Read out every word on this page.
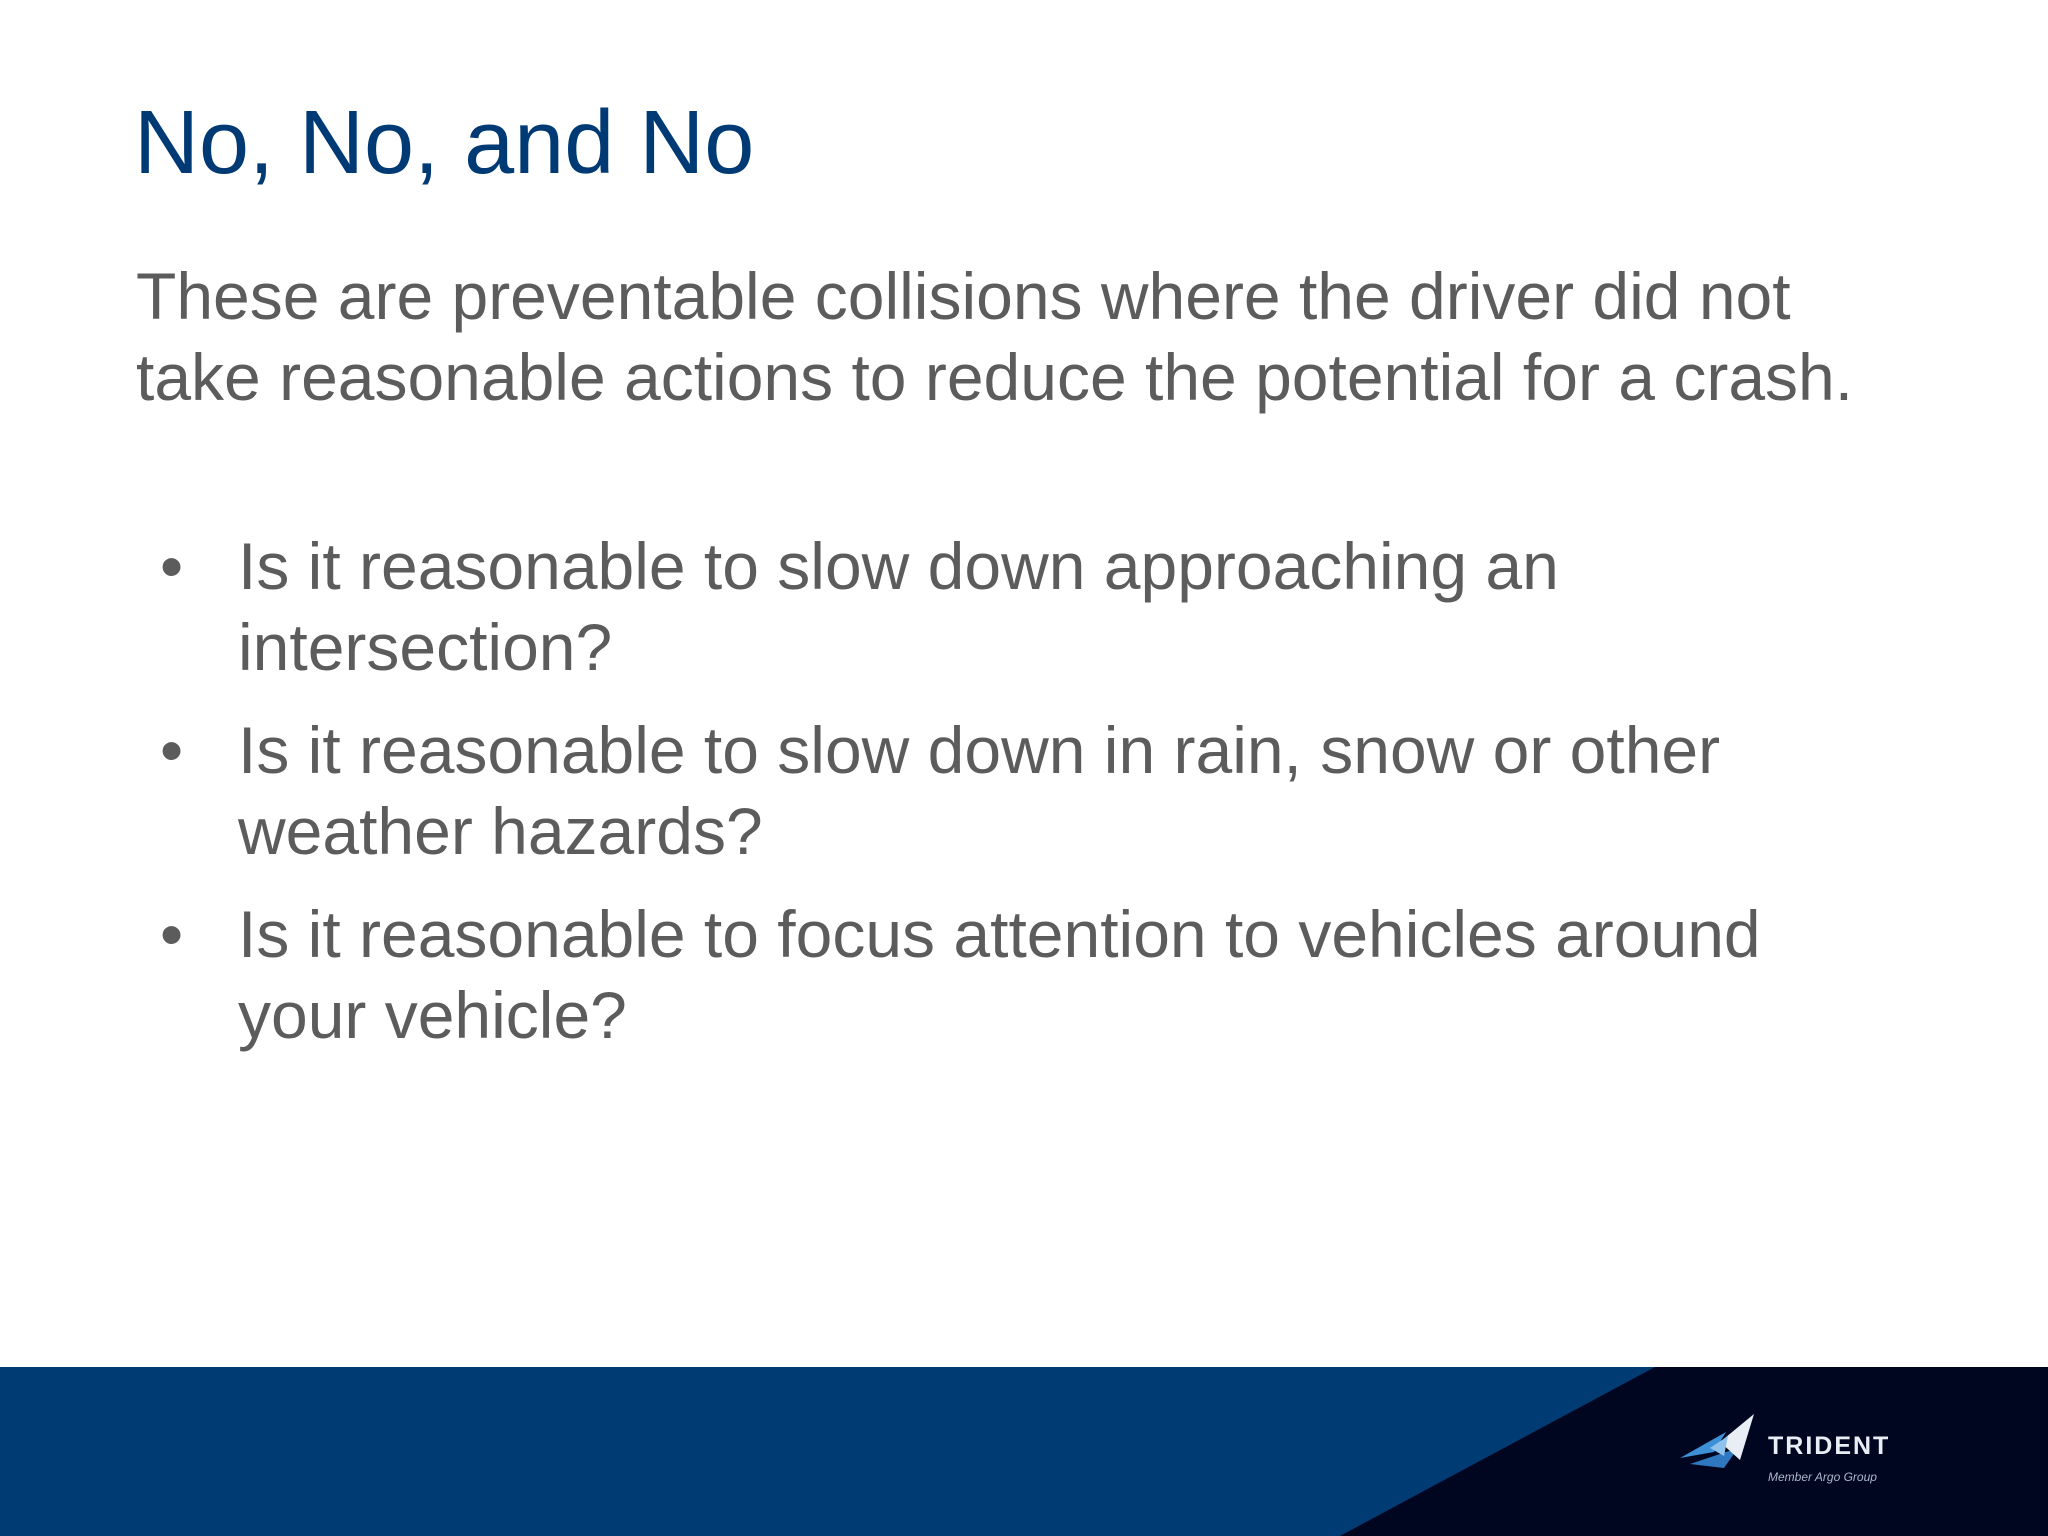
No, No, and No

These are preventable collisions where the driver did not take reasonable actions to reduce the potential for a crash.

• Is it reasonable to slow down approaching an intersection?
• Is it reasonable to slow down in rain, snow or other weather hazards?
• Is it reasonable to focus attention to vehicles around your vehicle?
TRIDENT
Member Argo Group
